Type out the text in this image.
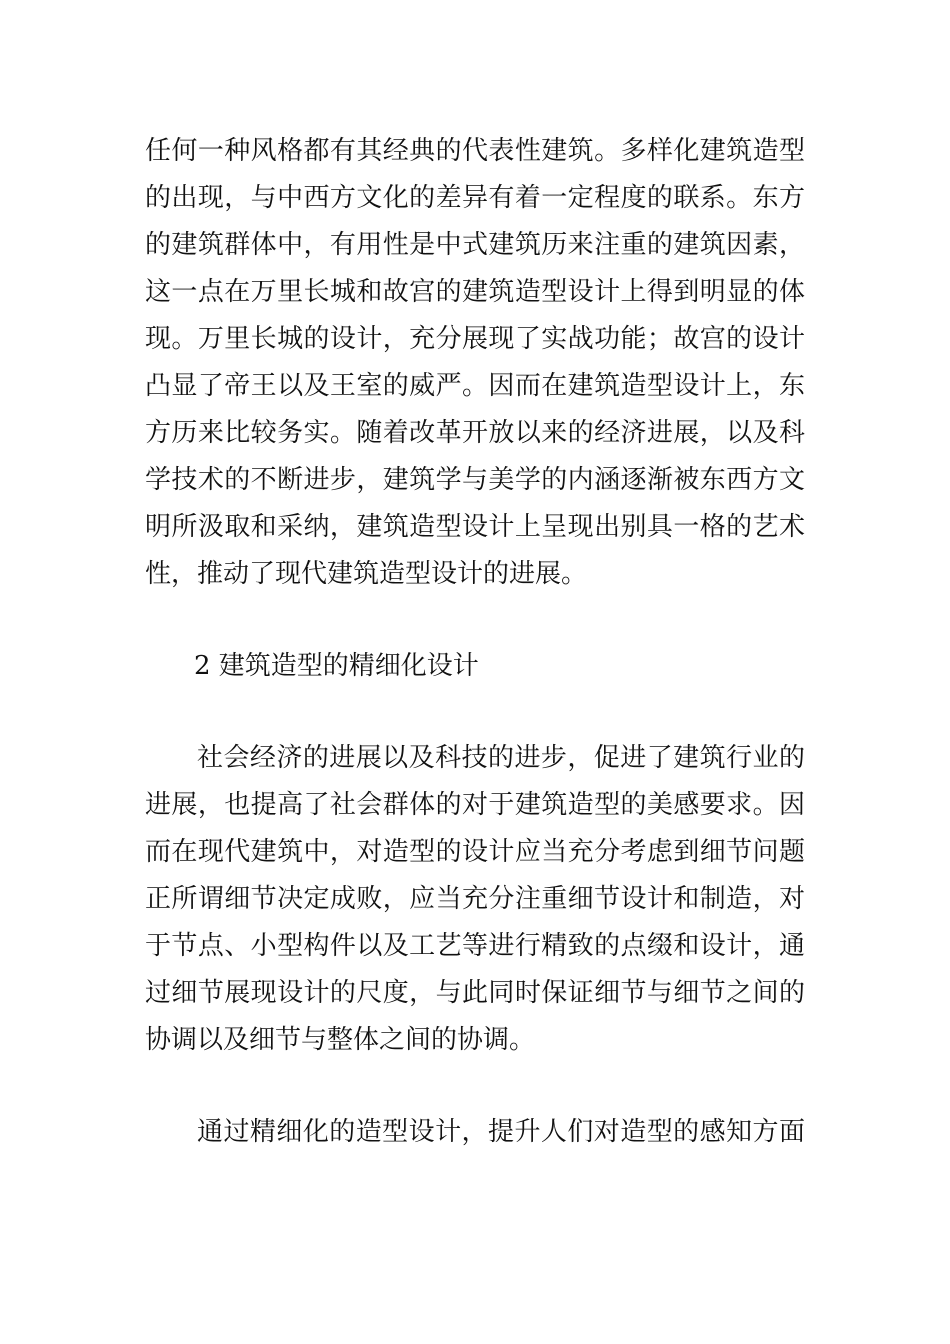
任何一种风格都有其经典的代表性建筑。多样化建筑造型
的出现，与中西方文化的差异有着一定程度的联系。东方
的建筑群体中，有用性是中式建筑历来注重的建筑因素，
这一点在万里长城和故宫的建筑造型设计上得到明显的体
现。万里长城的设计，充分展现了实战功能；故宫的设计
凸显了帝王以及王室的威严。因而在建筑造型设计上，东
方历来比较务实。随着改革开放以来的经济进展，以及科
学技术的不断进步，建筑学与美学的内涵逐渐被东西方文
明所汲取和采纳，建筑造型设计上呈现出别具一格的艺术
性，推动了现代建筑造型设计的进展。
2 建筑造型的精细化设计
社会经济的进展以及科技的进步，促进了建筑行业的
进展，也提高了社会群体的对于建筑造型的美感要求。因
而在现代建筑中，对造型的设计应当充分考虑到细节问题
正所谓细节决定成败，应当充分注重细节设计和制造，对
于节点、小型构件以及工艺等进行精致的点缀和设计，通
过细节展现设计的尺度，与此同时保证细节与细节之间的
协调以及细节与整体之间的协调。
通过精细化的造型设计，提升人们对造型的感知方面
